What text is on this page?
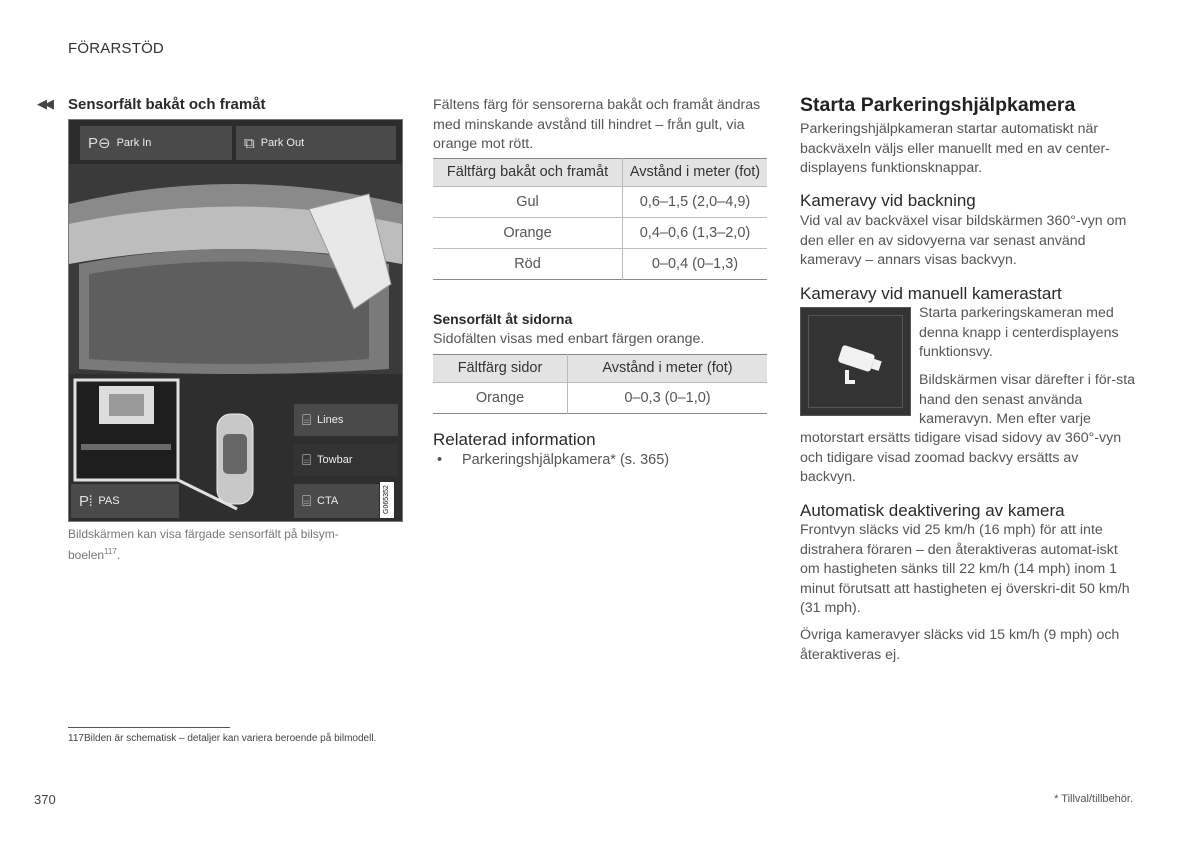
FÖRARSTÖD
◀◀ Sensorfält bakåt och framåt
P⊖ Park In	⧉ Park Out
⌸ Lines
⌸ Towbar
⌸ CTA
P⦙ PAS	G065352
Bildskärmen kan visa färgade sensorfält på bilsym-boelen$^{117}$.
Fältens färg för sensorerna bakåt och framåt ändras med minskande avstånd till hindret – från gult, via orange mot rött.
Fältfärg bakåt och framåt	Avstånd i meter (fot)
Gul	0,6–1,5 (2,0–4,9)
Orange	0,4–0,6 (1,3–2,0)
Röd	0–0,4 (0–1,3)
Sensorfält åt sidorna
Sidofälten visas med enbart färgen orange.
Fältfärg sidor	Avstånd i meter (fot)
Orange	0–0,3 (0–1,0)
Relaterad information
• Parkeringshjälpkamera* (s. 365)
Starta Parkeringshjälpkamera
Parkeringshjälpkameran startar automatiskt när backväxeln väljs eller manuellt med en av center-displayens funktionsknappar.
Kameravy vid backning
Vid val av backväxel visar bildskärmen 360°-vyn om den eller en av sidovyerna var senast använd kameravy – annars visas backvyn.
Kameravy vid manuell kamerastart
Starta parkeringskameran med denna knapp i centerdisplayens funktionsvy.
Bildskärmen visar därefter i för-sta hand den senast använda kameravyn. Men efter varje
motorstart ersätts tidigare visad sidovy av 360°-vyn och tidigare visad zoomad backvy ersätts av backvyn.
Automatisk deaktivering av kamera
Frontvyn släcks vid 25 km/h (16 mph) för att inte distrahera föraren – den återaktiveras automat-iskt om hastigheten sänks till 22 km/h (14 mph) inom 1 minut förutsatt att hastigheten ej överskri-dit 50 km/h (31 mph).
Övriga kameravyer släcks vid 15 km/h (9 mph) och återaktiveras ej.
117Bilden är schematisk – detaljer kan variera beroende på bilmodell.
370	* Tillval/tillbehör.
